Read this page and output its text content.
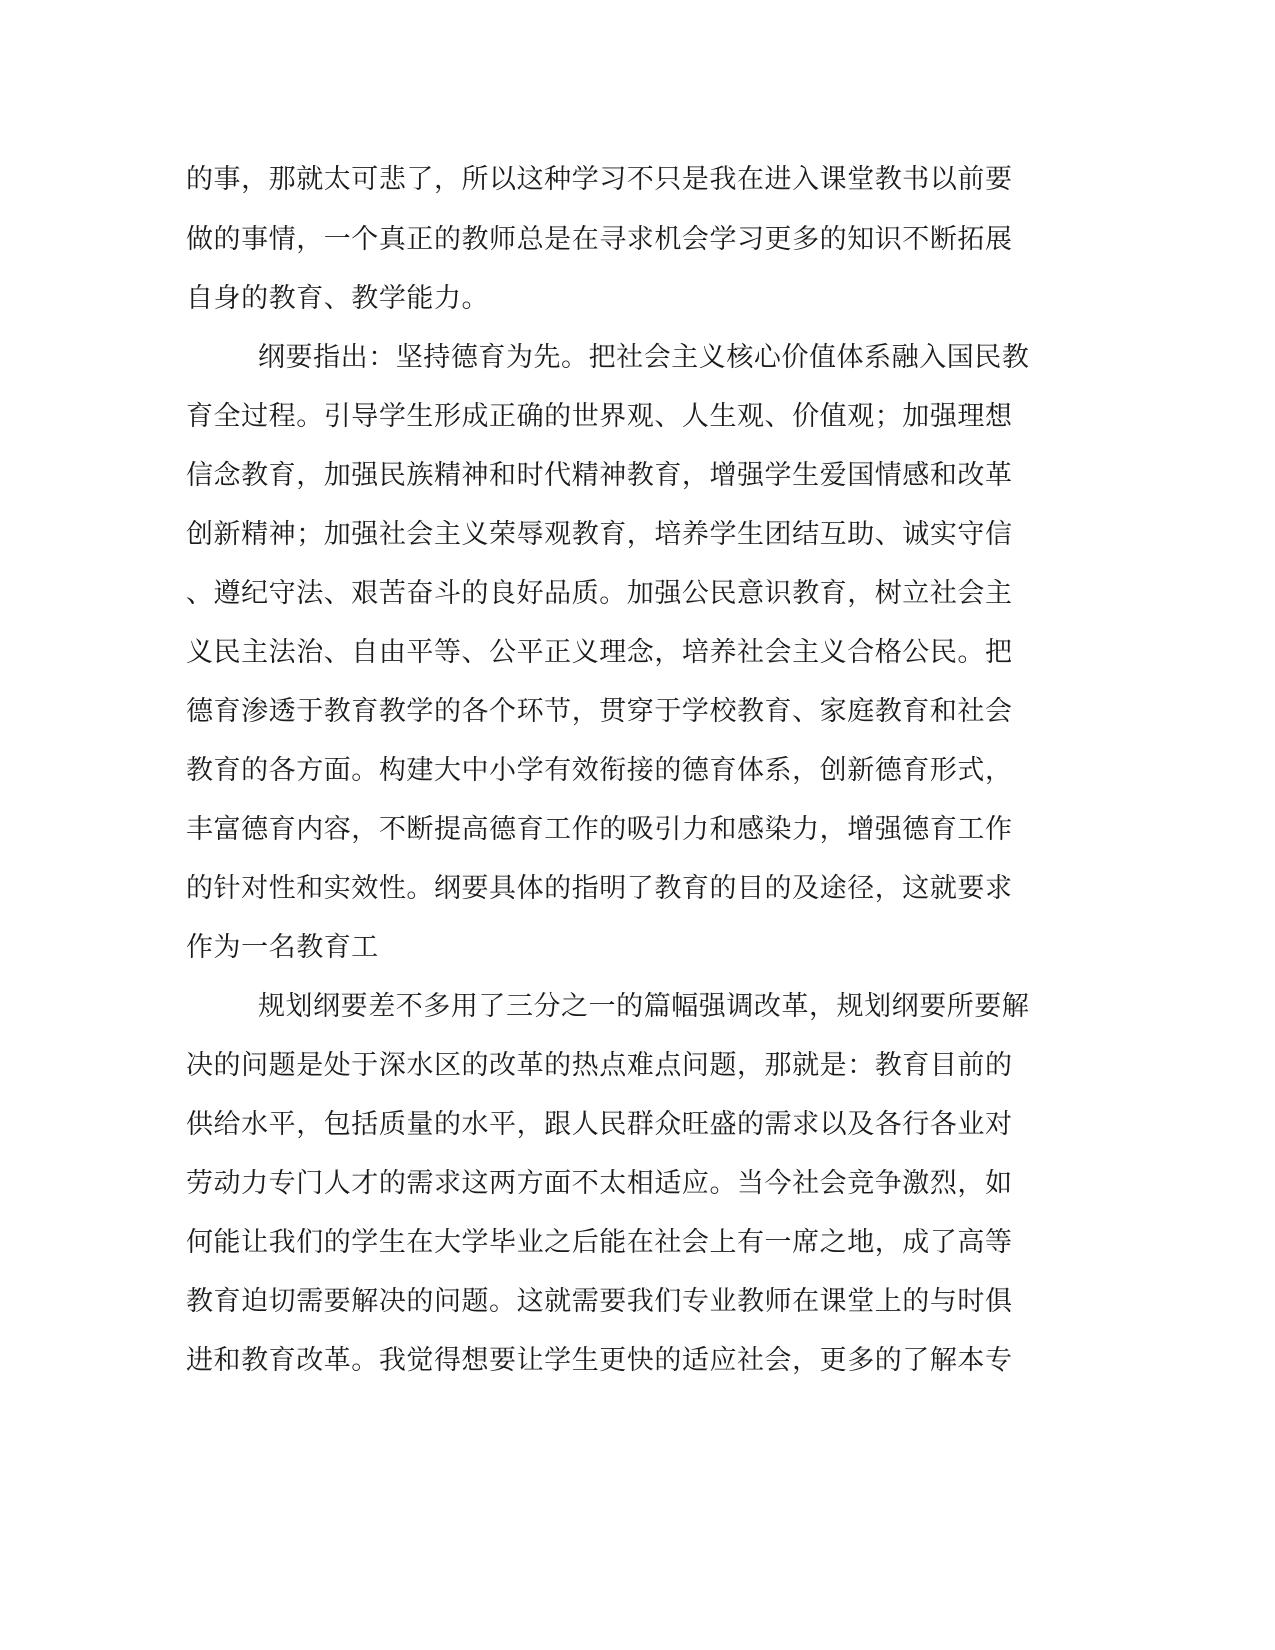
的事，那就太可悲了，所以这种学习不只是我在进入课堂教书以前要
做的事情，一个真正的教师总是在寻求机会学习更多的知识不断拓展
自身的教育、教学能力。
纲要指出：坚持德育为先。把社会主义核心价值体系融入国民教
育全过程。引导学生形成正确的世界观、人生观、价值观；加强理想
信念教育，加强民族精神和时代精神教育，增强学生爱国情感和改革
创新精神；加强社会主义荣辱观教育，培养学生团结互助、诚实守信
、遵纪守法、艰苦奋斗的良好品质。加强公民意识教育，树立社会主
义民主法治、自由平等、公平正义理念，培养社会主义合格公民。把
德育渗透于教育教学的各个环节，贯穿于学校教育、家庭教育和社会
教育的各方面。构建大中小学有效衔接的德育体系，创新德育形式，
丰富德育内容，不断提高德育工作的吸引力和感染力，增强德育工作
的针对性和实效性。纲要具体的指明了教育的目的及途径，这就要求
作为一名教育工
规划纲要差不多用了三分之一的篇幅强调改革，规划纲要所要解
决的问题是处于深水区的改革的热点难点问题，那就是：教育目前的
供给水平，包括质量的水平，跟人民群众旺盛的需求以及各行各业对
劳动力专门人才的需求这两方面不太相适应。当今社会竞争激烈，如
何能让我们的学生在大学毕业之后能在社会上有一席之地，成了高等
教育迫切需要解决的问题。这就需要我们专业教师在课堂上的与时俱
进和教育改革。我觉得想要让学生更快的适应社会，更多的了解本专
